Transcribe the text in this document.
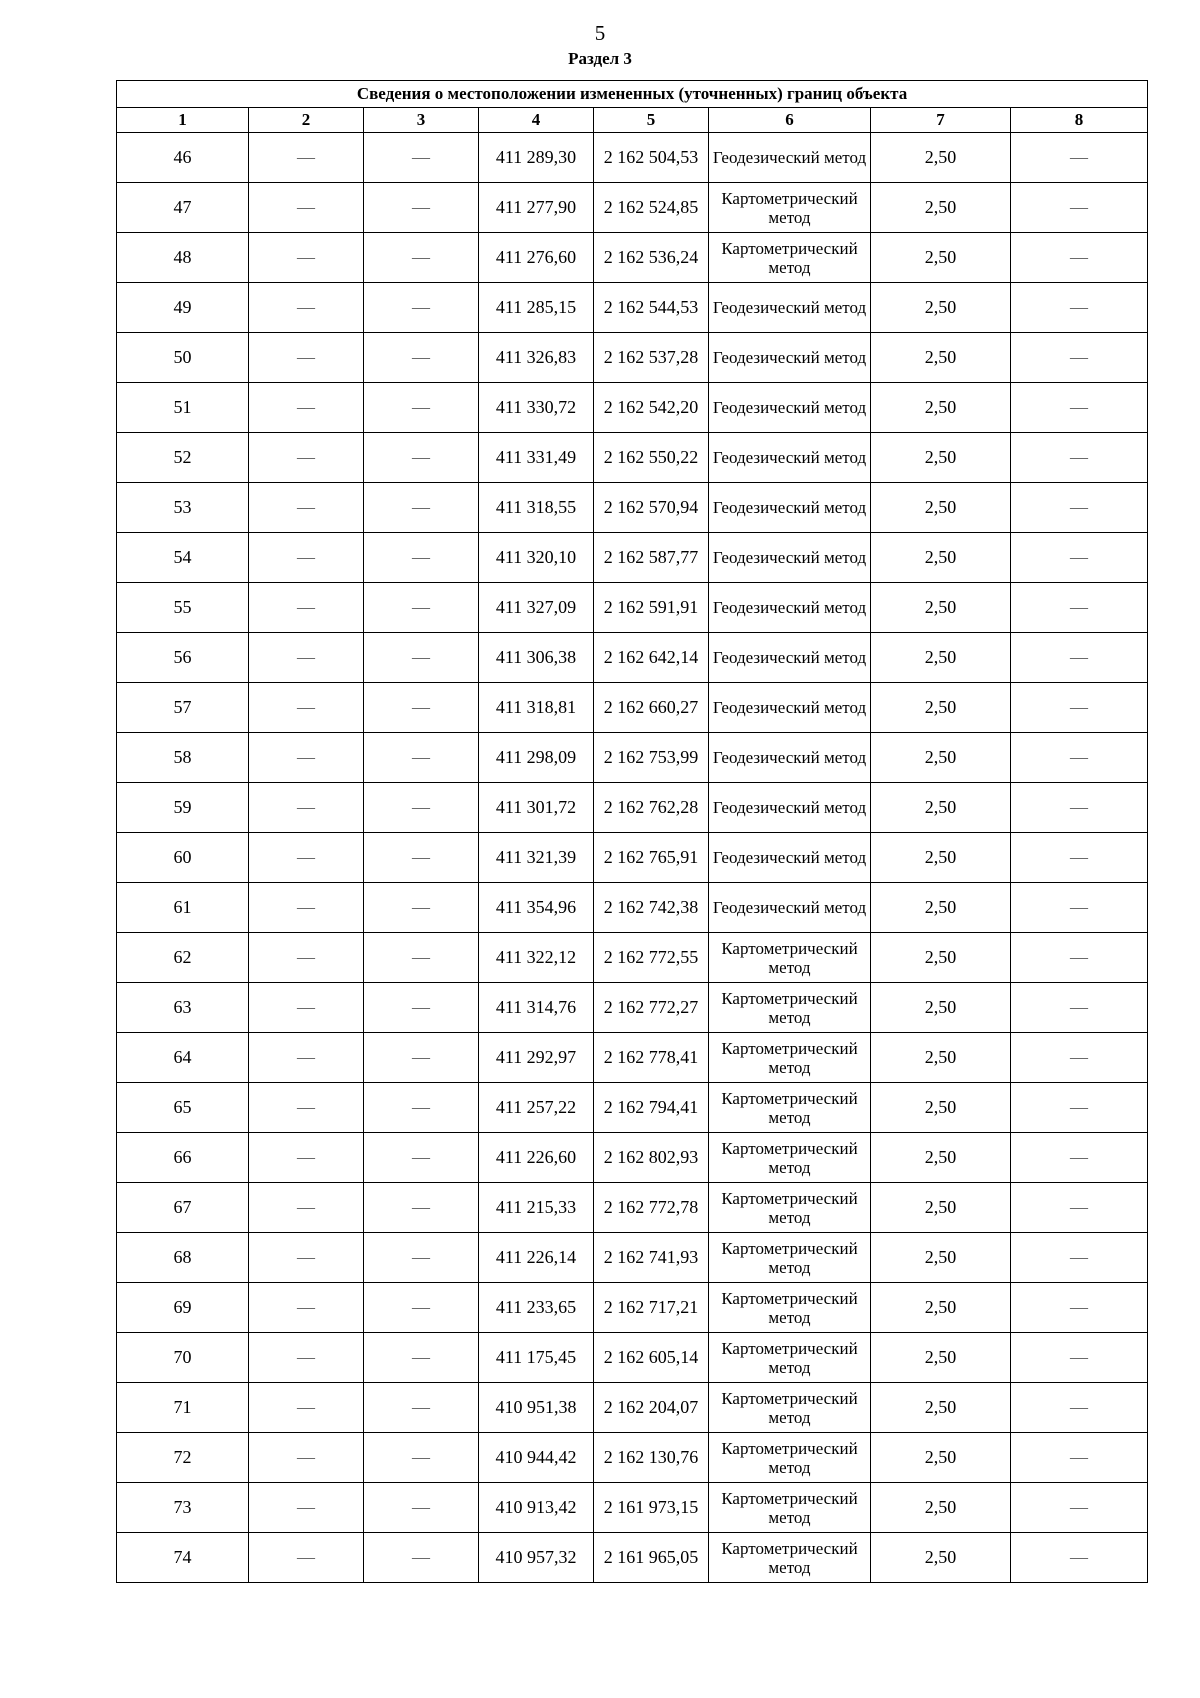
5
Раздел 3
Сведения о местоположении измененных (уточненных) границ объекта							
1	2	3	4	5	6	7	8
46	—	—	411 289,30	2 162 504,53	Геодезический метод	2,50	—
47	—	—	411 277,90	2 162 524,85	Картометрический метод	2,50	—
48	—	—	411 276,60	2 162 536,24	Картометрический метод	2,50	—
49	—	—	411 285,15	2 162 544,53	Геодезический метод	2,50	—
50	—	—	411 326,83	2 162 537,28	Геодезический метод	2,50	—
51	—	—	411 330,72	2 162 542,20	Геодезический метод	2,50	—
52	—	—	411 331,49	2 162 550,22	Геодезический метод	2,50	—
53	—	—	411 318,55	2 162 570,94	Геодезический метод	2,50	—
54	—	—	411 320,10	2 162 587,77	Геодезический метод	2,50	—
55	—	—	411 327,09	2 162 591,91	Геодезический метод	2,50	—
56	—	—	411 306,38	2 162 642,14	Геодезический метод	2,50	—
57	—	—	411 318,81	2 162 660,27	Геодезический метод	2,50	—
58	—	—	411 298,09	2 162 753,99	Геодезический метод	2,50	—
59	—	—	411 301,72	2 162 762,28	Геодезический метод	2,50	—
60	—	—	411 321,39	2 162 765,91	Геодезический метод	2,50	—
61	—	—	411 354,96	2 162 742,38	Геодезический метод	2,50	—
62	—	—	411 322,12	2 162 772,55	Картометрический метод	2,50	—
63	—	—	411 314,76	2 162 772,27	Картометрический метод	2,50	—
64	—	—	411 292,97	2 162 778,41	Картометрический метод	2,50	—
65	—	—	411 257,22	2 162 794,41	Картометрический метод	2,50	—
66	—	—	411 226,60	2 162 802,93	Картометрический метод	2,50	—
67	—	—	411 215,33	2 162 772,78	Картометрический метод	2,50	—
68	—	—	411 226,14	2 162 741,93	Картометрический метод	2,50	—
69	—	—	411 233,65	2 162 717,21	Картометрический метод	2,50	—
70	—	—	411 175,45	2 162 605,14	Картометрический метод	2,50	—
71	—	—	410 951,38	2 162 204,07	Картометрический метод	2,50	—
72	—	—	410 944,42	2 162 130,76	Картометрический метод	2,50	—
73	—	—	410 913,42	2 161 973,15	Картометрический метод	2,50	—
74	—	—	410 957,32	2 161 965,05	Картометрический метод	2,50	—
